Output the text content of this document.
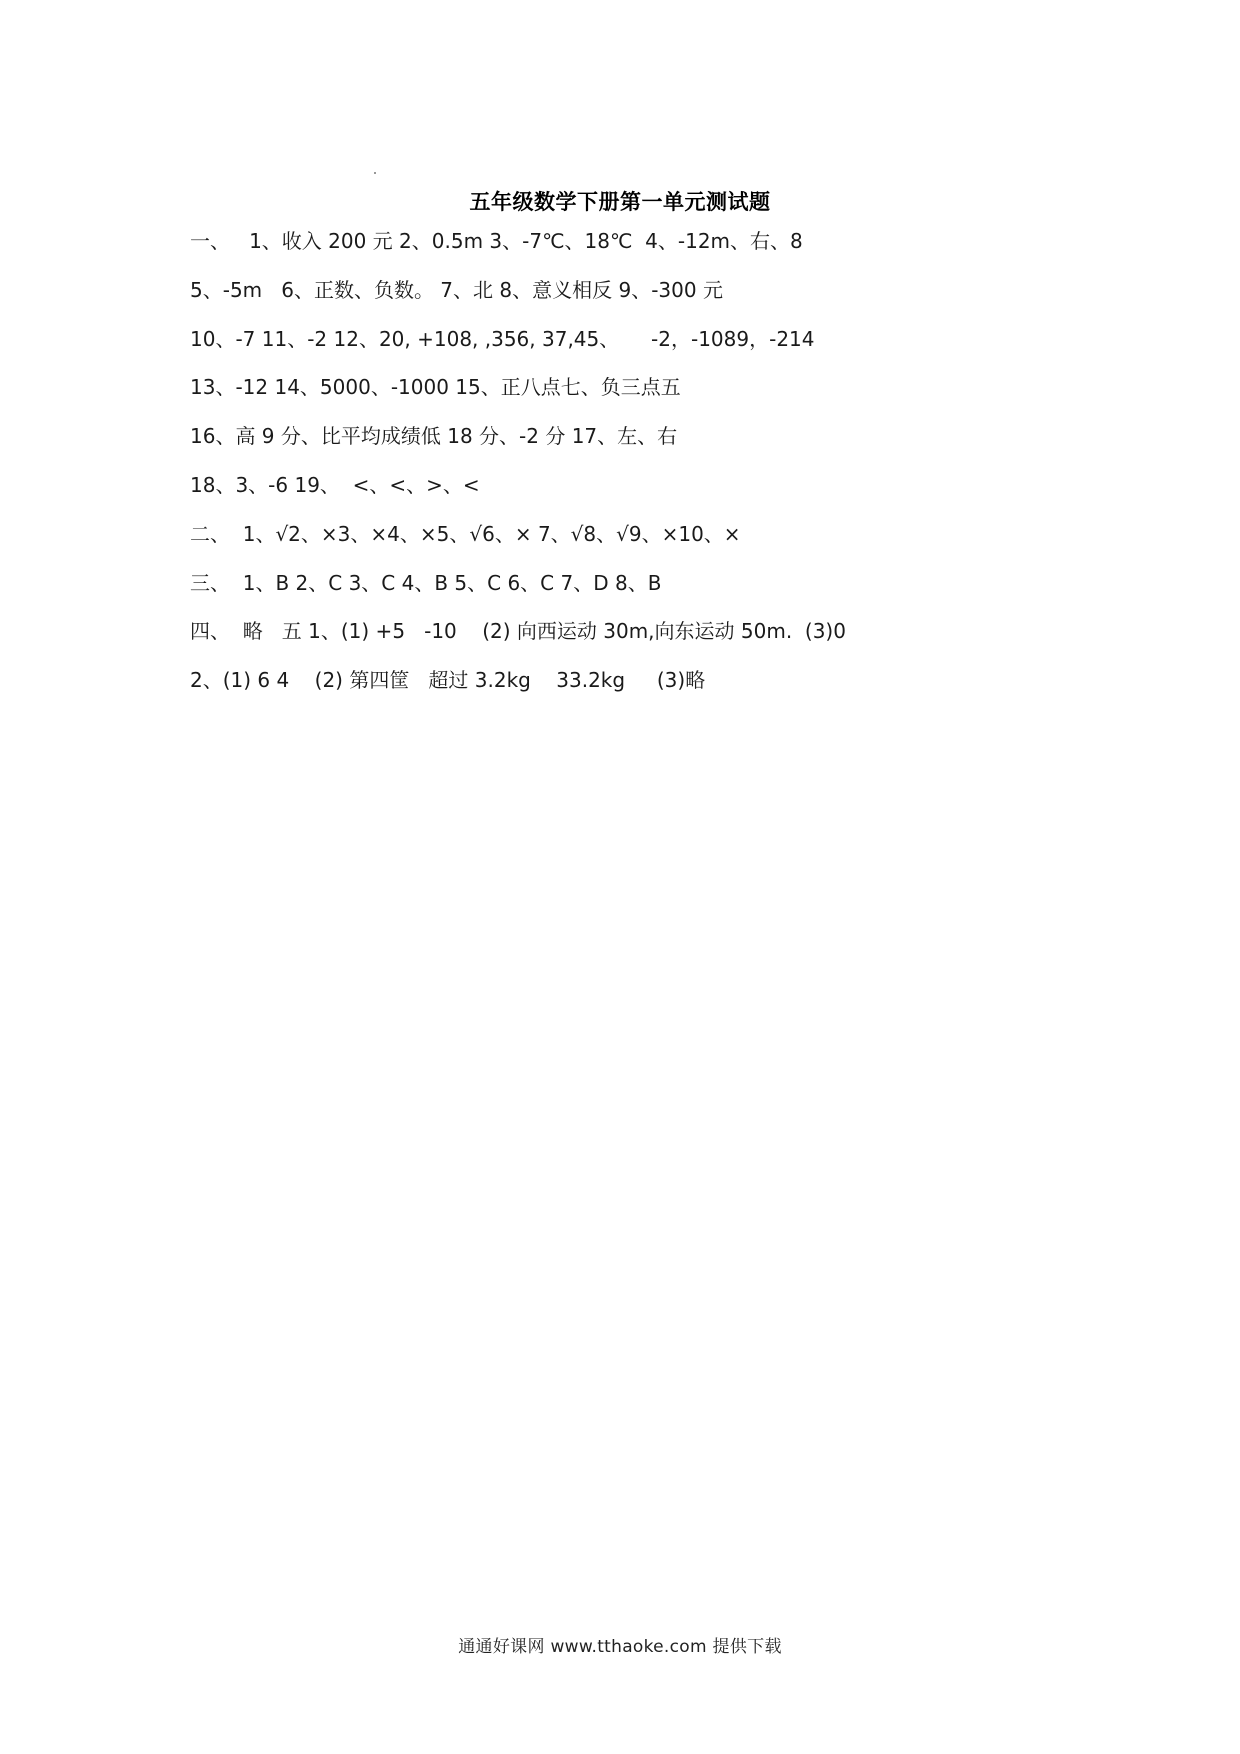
五年级数学下册第一单元测试题
一、   1、收入 200 元 2、0.5m 3、-7℃、18℃  4、-12m、右、8
5、-5m   6、正数、负数。 7、北 8、意义相反 9、-300 元
10、-7 11、-2 12、20, +108, ,356, 37,45、     -2，-1089，-214
13、-12 14、5000、-1000 15、正八点七、负三点五
16、高 9 分、比平均成绩低 18 分、-2 分 17、左、右
18、3、-6 19、  <、<、>、<
二、  1、√2、×3、×4、×5、√6、× 7、√8、√9、×10、×
三、  1、B 2、C 3、C 4、B 5、C 6、C 7、D 8、B
四、  略   五 1、(1) +5   -10    (2) 向西运动 30m,向东运动 50m.  (3)0
2、(1) 6 4    (2) 第四筐   超过 3.2kg    33.2kg     (3)略
通通好课网 www.tthaoke.com 提供下载
